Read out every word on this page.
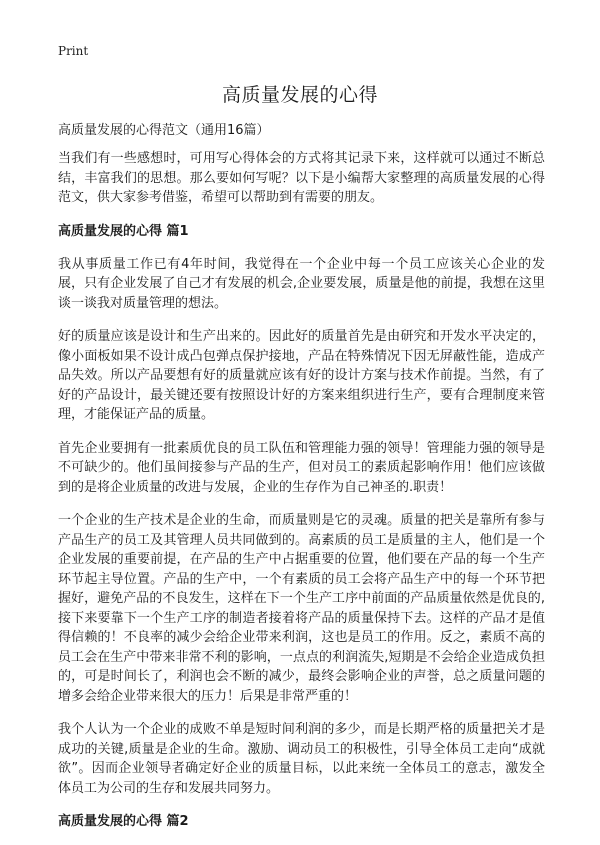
Print
高质量发展的心得

高质量发展的心得范文（通用16篇）

当我们有一些感想时，可用写心得体会的方式将其记录下来，这样就可以通过不断总结，丰富我们的思想。那么要如何写呢？以下是小编帮大家整理的高质量发展的心得范文，供大家参考借鉴，希望可以帮助到有需要的朋友。

高质量发展的心得 篇1

我从事质量工作已有4年时间，我觉得在一个企业中每一个员工应该关心企业的发展，只有企业发展了自己才有发展的机会,企业要发展，质量是他的前提，我想在这里谈一谈我对质量管理的想法。

好的质量应该是设计和生产出来的。因此好的质量首先是由研究和开发水平决定的，像小面板如果不设计成凸包弹点保护接地，产品在特殊情况下因无屏蔽性能，造成产品失效。所以产品要想有好的质量就应该有好的设计方案与技术作前提。当然，有了好的产品设计，最关键还要有按照设计好的方案来组织进行生产，要有合理制度来管理，才能保证产品的质量。

首先企业要拥有一批素质优良的员工队伍和管理能力强的领导！管理能力强的领导是不可缺少的。他们虽间接参与产品的生产，但对员工的素质起影响作用！他们应该做到的是将企业质量的改进与发展，企业的生存作为自己神圣的.职责！

一个企业的生产技术是企业的生命，而质量则是它的灵魂。质量的把关是靠所有参与产品生产的员工及其管理人员共同做到的。高素质的员工是质量的主人，他们是一个企业发展的重要前提，在产品的生产中占据重要的位置，他们要在产品的每一个生产环节起主导位置。产品的生产中，一个有素质的员工会将产品生产中的每一个环节把握好，避免产品的不良发生，这样在下一个生产工序中前面的产品质量依然是优良的,接下来要靠下一个生产工序的制造者接着将产品的质量保持下去。这样的产品才是值得信赖的！不良率的减少会给企业带来利润，这也是员工的作用。反之，素质不高的员工会在生产中带来非常不利的影响，一点点的利润流失,短期是不会给企业造成负担的，可是时间长了，利润也会不断的减少，最终会影响企业的声誉，总之质量问题的增多会给企业带来很大的压力！后果是非常严重的！

我个人认为一个企业的成败不单是短时间利润的多少，而是长期严格的质量把关才是成功的关键,质量是企业的生命。激励、调动员工的积极性，引导全体员工走向“成就欲”。因而企业领导者确定好企业的质量目标，以此来统一全体员工的意志，激发全体员工为公司的生存和发展共同努力。

高质量发展的心得 篇2
